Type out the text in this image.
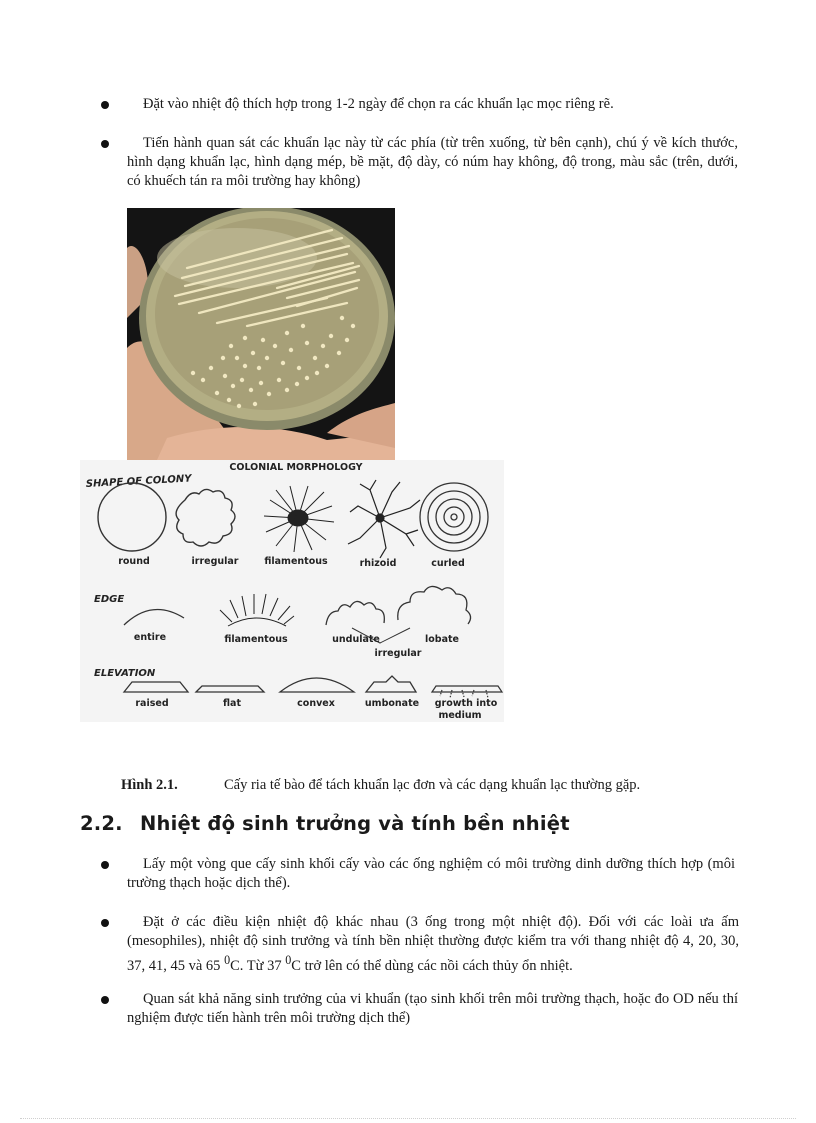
Đặt vào nhiệt độ thích hợp trong 1-2 ngày để chọn ra các khuẩn lạc mọc riêng rẽ.
Tiến hành quan sát các khuẩn lạc này từ các phía (từ trên xuống, từ bên cạnh), chú ý về kích thước, hình dạng khuẩn lạc, hình dạng mép, bề mặt, độ dày, có núm hay không, độ trong, màu sắc (trên, dưới, có khuếch tán ra môi trường hay không)
COLONIAL MORPHOLOGY
SHAPE OF COLONY
round	irregular	filamentous	rhizoid	curled
EDGE
entire	filamentous	undulate	lobate
irregular
ELEVATION
raised	flat	convex	umbonate growth into
medium
Hình 2.1.	Cấy ria tế bào để tách khuẩn lạc đơn và các dạng khuẩn lạc thường gặp.
2.2. Nhiệt độ sinh trưởng và tính bền nhiệt
Lấy một vòng que cấy sinh khối cấy vào các ống nghiệm có môi trường dinh dưỡng thích hợp (môi trường thạch hoặc dịch thể).
Đặt ở các điều kiện nhiệt độ khác nhau (3 ống trong một nhiệt độ). Đối với các loài ưa ấm (mesophiles), nhiệt độ sinh trưởng và tính bền nhiệt thường được kiểm tra với thang nhiệt độ 4, 20, 30, 37, 41, 45 và 65 $^0$C. Từ 37 $^0$C trở lên có thể dùng các nồi cách thủy ổn nhiệt.
Quan sát khả năng sinh trưởng của vi khuẩn (tạo sinh khối trên môi trường thạch, hoặc đo OD nếu thí nghiệm được tiến hành trên môi trường dịch thể)
